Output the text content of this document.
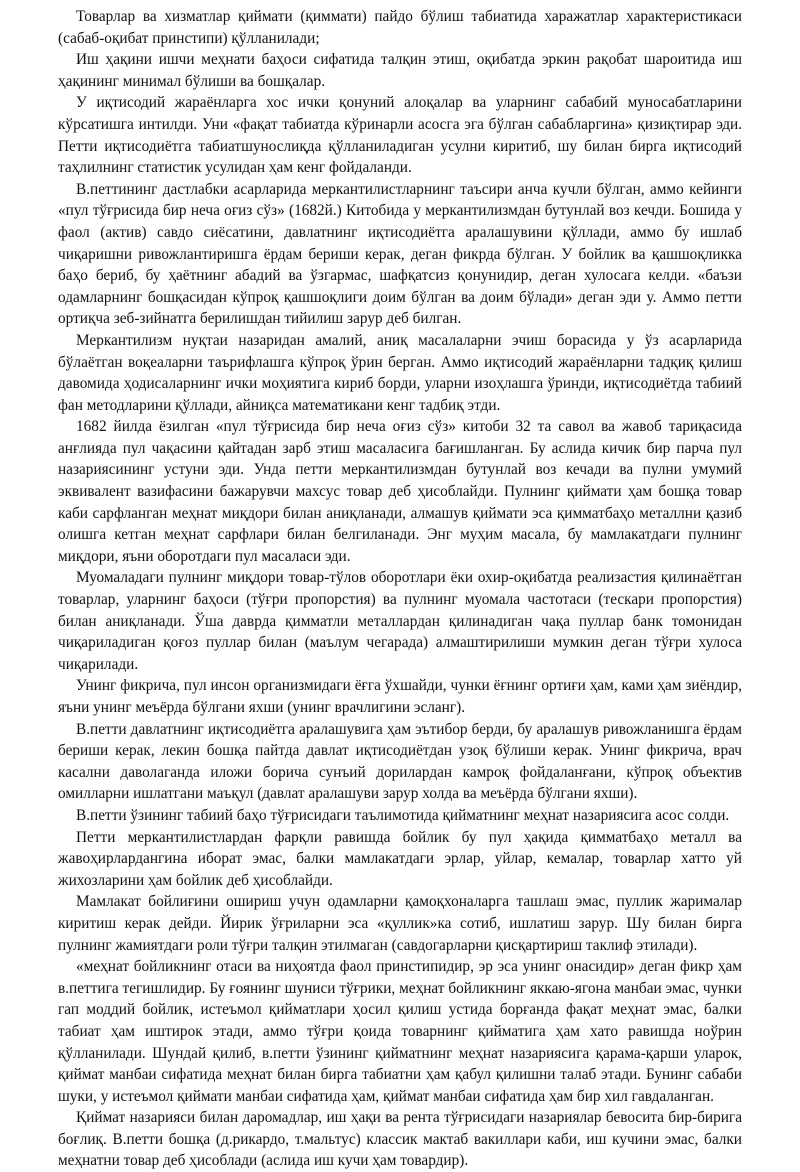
Товарлар ва хизматлар қиймати (қиммати) пайдо бўлиш табиатида харажатлар характеристикаси (сабаб-оқибат принстипи) қўлланилади;

Иш ҳақини ишчи меҳнати баҳоси сифатида талқин этиш, оқибатда эркин рақобат шароитида иш ҳақининг минимал бўлиши ва бошқалар.

У иқтисодий жараёнларга хос ички қонуний алоқалар ва уларнинг сабабий муносабатларини кўрсатишга интилди. Уни «фақат табиатда кўринарли асосга эга бўлган сабабларгина» қизиқтирар эди. Петти иқтисодиётга табиатшунослиқда қўлланиладиган усулни киритиб, шу билан бирга иқтисодий таҳлилнинг статистик усулидан ҳам кенг фойдаланди.

В.петтининг дастлабки асарларида меркантилистларнинг таъсири анча кучли бўлган, аммо кейинги «пул тўғрисида бир неча оғиз сўз» (1682й.) Китобида у меркантилизмдан бутунлай воз кечди. Бошида у фаол (актив) савдо сиёсатини, давлатнинг иқтисодиётга аралашувини қўллади, аммо бу ишлаб чиқаришни ривожлантиришга ёрдам бериши керак, деган фикрда бўлган. У бойлик ва қашшоқликка баҳо бериб, бу ҳаётнинг абадий ва ўзгармас, шафқатсиз қонунидир, деган хулосага келди. «баъзи одамларнинг бошқасидан кўпроқ қашшоқлиги доим бўлган ва доим бўлади» деган эди у. Аммо петти ортиқча зеб-зийнатга берилишдан тийилиш зарур деб билган.

Меркантилизм нуқтаи назаридан амалий, аниқ масалаларни эчиш борасида у ўз асарларида бўлаётган воқеаларни таърифлашга кўпроқ ўрин берган. Аммо иқтисодий жараёнларни тадқиқ қилиш давомида ҳодисаларнинг ички моҳиятига кириб борди, уларни изоҳлашга ўринди, иқтисодиётда табиий фан методларини қўллади, айниқса математикани кенг тадбиқ этди.

1682 йилда ёзилган «пул тўғрисида бир неча оғиз сўз» китоби 32 та савол ва жавоб тариқасида анғлияда пул чақасини қайтадан зарб этиш масаласига бағишланган. Бу аслида кичик бир парча пул назариясининг устуни эди. Унда петти меркантилизмдан бутунлай воз кечади ва пулни умумий эквивалент вазифасини бажарувчи махсус товар деб ҳисоблайди. Пулнинг қиймати ҳам бошқа товар каби сарфланган меҳнат миқдори билан аниқланади, алмашув қиймати эса қимматбаҳо металлни қазиб олишга кетган меҳнат сарфлари билан белгиланади. Энг муҳим масала, бу мамлакатдаги пулнинг миқдори, яъни оборотдаги пул масаласи эди.

Муомаладаги пулнинг миқдори товар-тўлов оборотлари ёки охир-оқибатда реализастия қилинаётган товарлар, уларнинг баҳоси (тўғри пропорстия) ва пулнинг муомала частотаси (тескари пропорстия) билан аниқланади. Ўша даврда қимматли металлардан қилинадиган чақа пуллар банк томонидан чиқариладиган қоғоз пуллар билан (маълум чегарада) алмаштирилиши мумкин деган тўғри хулоса чиқарилади.

Унинг фикрича, пул инсон организмидаги ёғга ўхшайди, чунки ёғнинг ортиғи ҳам, ками ҳам зиёндир, яъни унинг меъёрда бўлгани яхши (унинг врачлигини эсланг).

В.петти давлатнинг иқтисодиётга аралашувига ҳам эътибор берди, бу аралашув ривожланишга ёрдам бериши керак, лекин бошқа пайтда давлат иқтисодиётдан узоқ бўлиши керак. Унинг фикрича, врач касални даволаганда иложи борича сунъий дорилардан камроқ фойдаланғани, кўпроқ объектив омилларни ишлатгани маъқул (давлат аралашуви зарур холда ва меъёрда бўлгани яхши).

В.петти ўзининг табиий баҳо тўғрисидаги таълимотида қийматнинг меҳнат назариясига асос солди.

Петти меркантилистлардан фарқли равишда бойлик бу пул ҳақида қимматбаҳо металл ва жавоҳирлардангина иборат эмас, балки мамлакатдаги эрлар, уйлар, кемалар, товарлар хатто уй жихозларини ҳам бойлик деб ҳисоблайди.

Мамлакат бойлиғини ошириш учун одамларни қамоқхоналарга ташлаш эмас, пуллик жарималар киритиш керак дейди. Йирик ўғриларни эса «қуллик»ка сотиб, ишлатиш зарур. Шу билан бирга пулнинг жамиятдаги роли тўғри талқин этилмаган (савдогарларни қисқартириш таклиф этилади).

«меҳнат бойликнинг отаси ва ниҳоятда фаол принстипидир, эр эса унинг онасидир» деган фикр ҳам в.петтига тегишлидир. Бу ғоянинг шуниси тўғрики, меҳнат бойликнинг яккаю-ягона манбаи эмас, чунки гап моддий бойлик, истеъмол қийматлари ҳосил қилиш устида борғанда фақат меҳнат эмас, балки табиат ҳам иштирок этади, аммо тўғри қоида товарнинг қийматига ҳам хато равишда ноўрин қўлланилади. Шундай қилиб, в.петти ўзининг қийматнинг меҳнат назариясига қарама-қарши уларок, қиймат манбаи сифатида меҳнат билан бирга табиатни ҳам қабул қилишни талаб этади. Бунинг сабаби шуки, у истеъмол қиймати манбаи сифатида ҳам, қиймат манбаи сифатида ҳам бир хил гавдаланган.

Қиймат назарияси билан даромадлар, иш ҳақи ва рента тўғрисидаги назариялар бевосита бир-бирига боғлиқ. В.петти бошқа (д.рикардо, т.мальтус) классик мактаб вакиллари каби, иш кучини эмас, балки меҳнатни товар деб ҳисоблади (аслида иш кучи ҳам товардир).
